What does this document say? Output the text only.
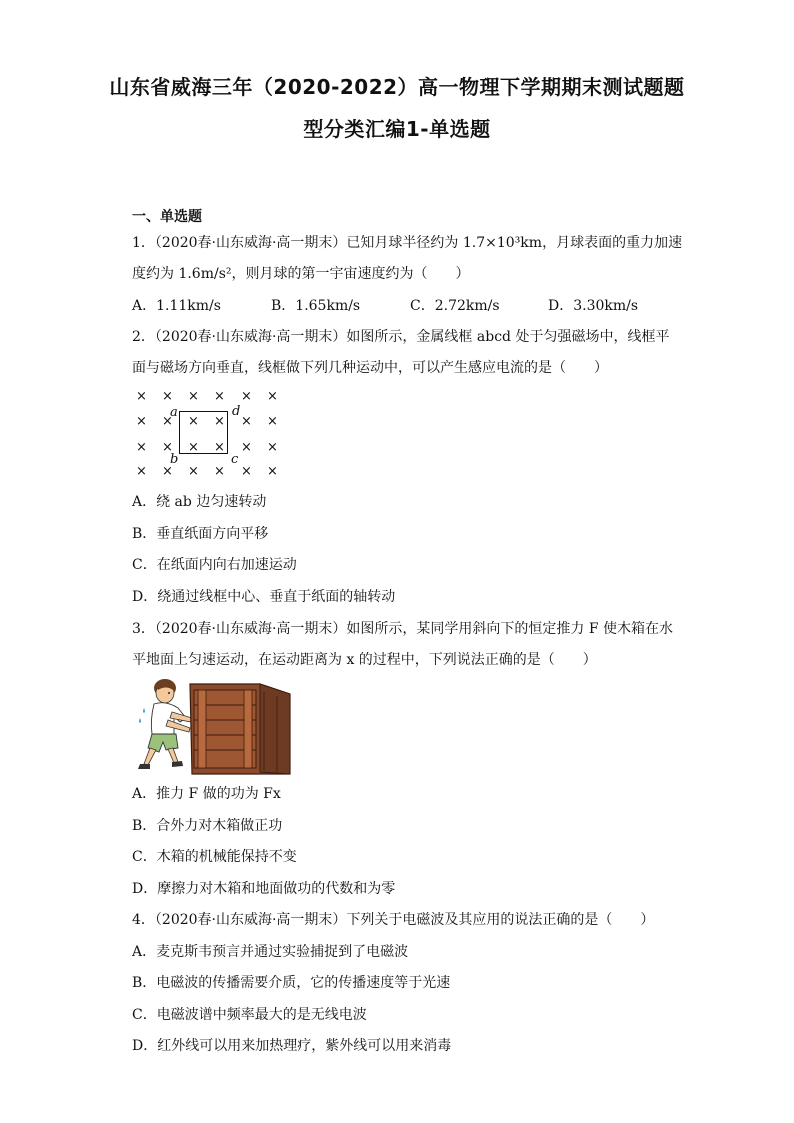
山东省威海三年（2020-2022）高一物理下学期期末测试题题
型分类汇编1-单选题
一、单选题
1．（2020春·山东威海·高一期末）已知月球半径约为 1.7×10³km，月球表面的重力加速
度约为 1.6m/s²，则月球的第一宇宙速度约为（　　）
A．1.11km/s	B．1.65km/s	C．2.72km/s	D．3.30km/s
2．（2020春·山东威海·高一期末）如图所示，金属线框 abcd 处于匀强磁场中，线框平
面与磁场方向垂直，线框做下列几种运动中，可以产生感应电流的是（　　）
× × × × × ×
× × × × × ×
× × × × × ×
× × × × × ×
a
b	c
d
A．绕 ab 边匀速转动
B．垂直纸面方向平移
C．在纸面内向右加速运动
D．绕通过线框中心、垂直于纸面的轴转动
3．（2020春·山东威海·高一期末）如图所示，某同学用斜向下的恒定推力 F 使木箱在水
平地面上匀速运动，在运动距离为 x 的过程中，下列说法正确的是（　　）
A．推力 F 做的功为 Fx
B．合外力对木箱做正功
C．木箱的机械能保持不变
D．摩擦力对木箱和地面做功的代数和为零
4．（2020春·山东威海·高一期末）下列关于电磁波及其应用的说法正确的是（　　）
A．麦克斯韦预言并通过实验捕捉到了电磁波
B．电磁波的传播需要介质，它的传播速度等于光速
C．电磁波谱中频率最大的是无线电波
D．红外线可以用来加热理疗，紫外线可以用来消毒
